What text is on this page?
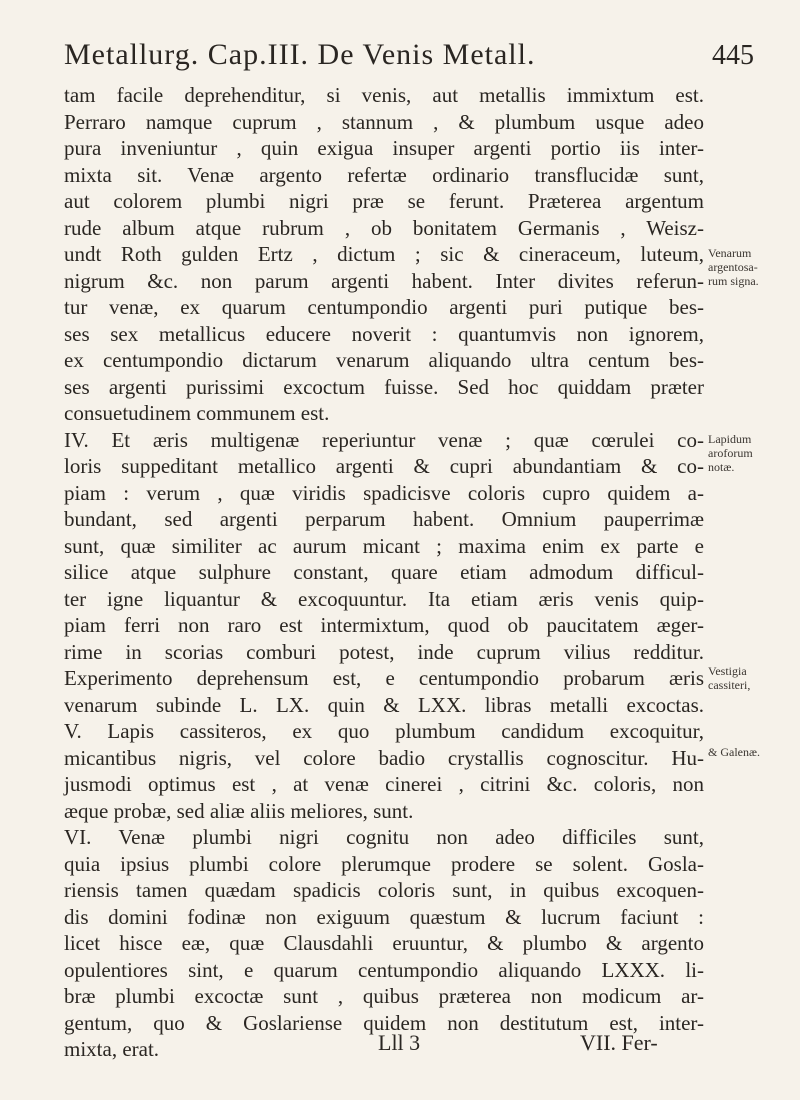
Metallurg. Cap.III. De Venis Metall.	445
tam facile deprehenditur, si venis, aut metallis immixtum est.
Perraro namque cuprum , stannum , & plumbum usque adeo
pura inveniuntur , quin exigua insuper argenti portio iis inter-
mixta sit. Venæ argento refertæ ordinario transflucidæ sunt,
aut colorem plumbi nigri præ se ferunt. Præterea argentum
rude album atque rubrum , ob bonitatem Germanis , Weisz-
undt Roth gulden Ertz , dictum ; sic & cineraceum, luteum,
nigrum &c. non parum argenti habent. Inter divites referun-
tur venæ, ex quarum centumpondio argenti puri putique bes-
ses sex metallicus educere noverit : quantumvis non ignorem,
ex centumpondio dictarum venarum aliquando ultra centum bes-
ses argenti purissimi excoctum fuisse. Sed hoc quiddam præter
consuetudinem communem est.
IV. Et æris multigenæ reperiuntur venæ ; quæ cœrulei co-
loris suppeditant metallico argenti & cupri abundantiam & co-
piam : verum , quæ viridis spadicisve coloris cupro quidem a-
bundant, sed argenti perparum habent. Omnium pauperrimæ
sunt, quæ similiter ac aurum micant ; maxima enim ex parte e
silice atque sulphure constant, quare etiam admodum difficul-
ter igne liquantur & excoquuntur. Ita etiam æris venis quip-
piam ferri non raro est intermixtum, quod ob paucitatem æger-
rime in scorias comburi potest, inde cuprum vilius redditur.
Experimento deprehensum est, e centumpondio probarum æris
venarum subinde L. LX. quin & LXX. libras metalli excoctas.
V. Lapis cassiteros, ex quo plumbum candidum excoquitur,
micantibus nigris, vel colore badio crystallis cognoscitur. Hu-
jusmodi optimus est , at venæ cinerei , citrini &c. coloris, non
æque probæ, sed aliæ aliis meliores, sunt.
VI. Venæ plumbi nigri cognitu non adeo difficiles sunt,
quia ipsius plumbi colore plerumque prodere se solent. Gosla-
riensis tamen quædam spadicis coloris sunt, in quibus excoquen-
dis domini fodinæ non exiguum quæstum & lucrum faciunt :
licet hisce eæ, quæ Clausdahli eruuntur, & plumbo & argento
opulentiores sint, e quarum centumpondio aliquando LXXX. li-
bræ plumbi excoctæ sunt , quibus præterea non modicum ar-
gentum, quo & Goslariense quidem non destitutum est, inter-
mixta, erat.
Venarum
argentosa-
rum signa.
Lapidum
aroforum
notæ.
Vestigia
cassiteri,
& Galenæ.
Lll 3	VII. Fer-
